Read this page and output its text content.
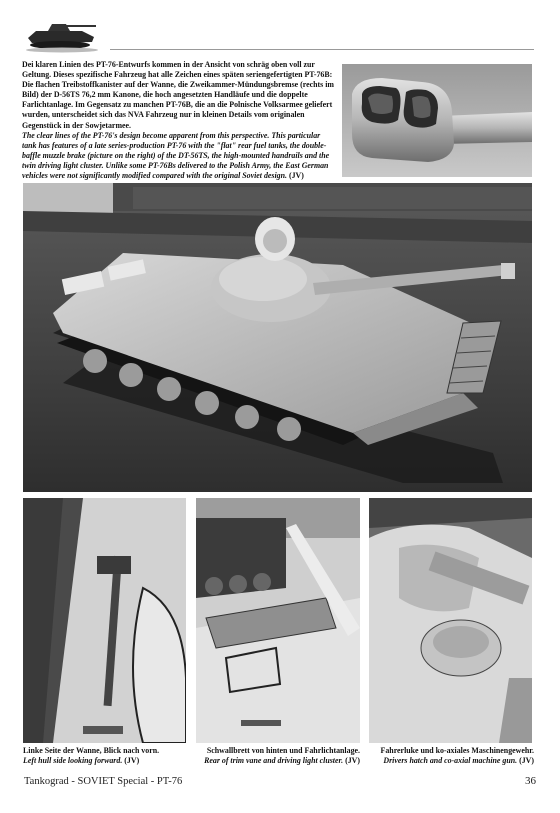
Dei klaren Linien des PT-76-Entwurfs kommen in der Ansicht von schräg oben voll zur Geltung. Dieses spezifische Fahrzeug hat alle Zeichen eines späten seriengefertigten PT-76B: Die flachen Treibstoffkanister auf der Wanne, die Zweikammer-Mündungsbremse (rechts im Bild) der D-56TS 76,2 mm Kanone, die hoch angesetzten Handläufe und die doppelte Farlichtanlage. Im Gegensatz zu manchen PT-76B, die an die Polnische Volksarmee geliefert wurden, unterscheidet sich das NVA Fahrzeug nur in kleinen Details vom originalen Gegenstück in der Sowjetarmee.

The clear lines of the PT-76's design become apparent from this perspective. This particular tank has features of a late series-production PT-76 with the "flat" rear fuel tanks, the double-baffle muzzle brake (picture on the right) of the DT-56TS, the high-mounted handrails and the twin driving light cluster. Unlike some PT-76Bs delivered to the Polish Army, the East German vehicles were not significantly modified compared with the original Soviet design. (JV)

Linke Seite der Wanne, Blick nach vorn.
Left hull side looking forward. (JV)
Schwallbrett von hinten und Fahrlichtanlage.
Rear of trim vane and driving light cluster. (JV)
Fahrerluke und ko-axiales Maschinengewehr.
Drivers hatch and co-axial machine gun. (JV)
Tankograd - SOVIET Special - PT-76	36
